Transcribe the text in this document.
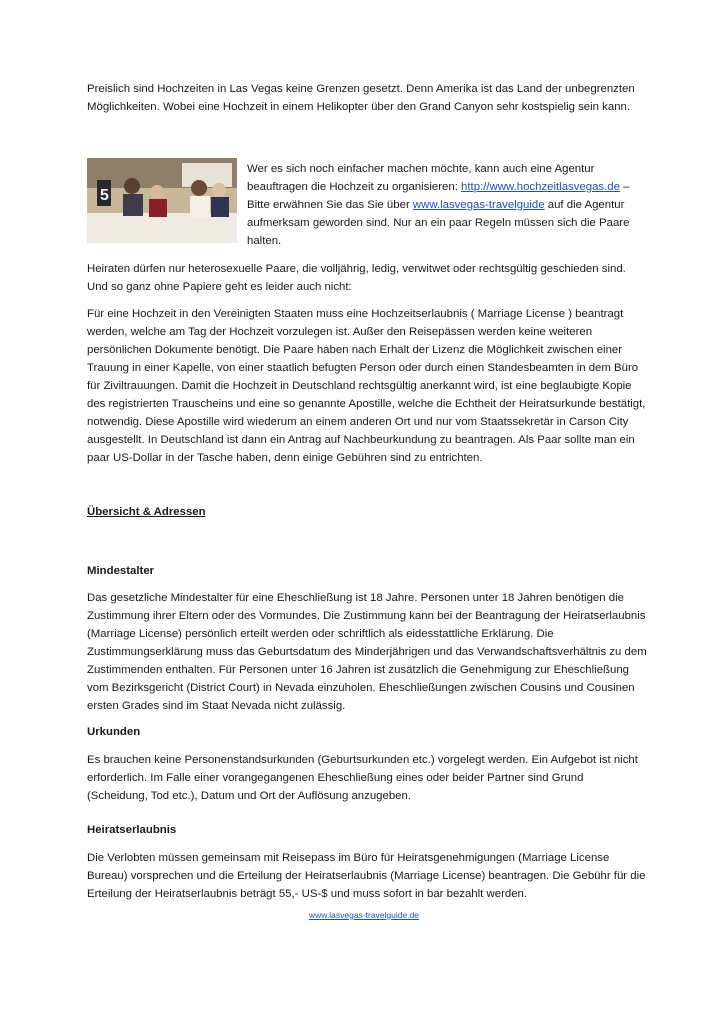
Preislich sind Hochzeiten in Las Vegas keine Grenzen gesetzt. Denn Amerika ist das Land der unbegrenzten Möglichkeiten. Wobei eine Hochzeit in einem Helikopter über den Grand Canyon sehr kostspielig sein kann.

5

Wer es sich noch einfacher machen möchte, kann auch eine Agentur beauftragen die Hochzeit zu organisieren: http://www.hochzeitlasvegas.de – Bitte erwähnen Sie das Sie über www.lasvegas-travelguide auf die Agentur aufmerksam geworden sind. Nur an ein paar Regeln müssen sich die Paare halten.

Heiraten dürfen nur heterosexuelle Paare, die volljährig, ledig, verwitwet oder rechtsgültig geschieden sind. Und so ganz ohne Papiere geht es leider auch nicht:

Für eine Hochzeit in den Vereinigten Staaten muss eine Hochzeitserlaubnis ( Marriage License ) beantragt werden, welche am Tag der Hochzeit vorzulegen ist. Außer den Reisepässen werden keine weiteren persönlichen Dokumente benötigt. Die Paare haben nach Erhalt der Lizenz die Möglichkeit zwischen einer Trauung in einer Kapelle, von einer staatlich befugten Person oder durch einen Standesbeamten in dem Büro für Ziviltrauungen. Damit die Hochzeit in Deutschland rechtsgültig anerkannt wird, ist eine beglaubigte Kopie des registrierten Trauscheins und eine so genannte Apostille, welche die Echtheit der Heiratsurkunde bestätigt, notwendig. Diese Apostille wird wiederum an einem anderen Ort und nur vom Staatssekretär in Carson City ausgestellt. In Deutschland ist dann ein Antrag auf Nachbeurkundung zu beantragen. Als Paar sollte man ein paar US-Dollar in der Tasche haben, denn einige Gebühren sind zu entrichten.

Übersicht & Adressen

Mindestalter

Das gesetzliche Mindestalter für eine Eheschließung ist 18 Jahre. Personen unter 18 Jahren benötigen die Zustimmung ihrer Eltern oder des Vormundes. Die Zustimmung kann bei der Beantragung der Heiratserlaubnis (Marriage License) persönlich erteilt werden oder schriftlich als eidesstattliche Erklärung. Die Zustimmungserklärung muss das Geburtsdatum des Minderjährigen und das Verwandschaftsverhältnis zu dem Zustimmenden enthalten. Für Personen unter 16 Jahren ist zusätzlich die Genehmigung zur Eheschließung vom Bezirksgericht (District Court) in Nevada einzuholen. Eheschließungen zwischen Cousins und Cousinen ersten Grades sind im Staat Nevada nicht zulässig.

Urkunden

Es brauchen keine Personenstandsurkunden (Geburtsurkunden etc.) vorgelegt werden. Ein Aufgebot ist nicht erforderlich. Im Falle einer vorangegangenen Eheschließung eines oder beider Partner sind Grund (Scheidung, Tod etc.), Datum und Ort der Auflösung anzugeben.

Heiratserlaubnis

Die Verlobten müssen gemeinsam mit Reisepass im Büro für Heiratsgenehmigungen (Marriage License Bureau) vorsprechen und die Erteilung der Heiratserlaubnis (Marriage License) beantragen. Die Gebühr für die Erteilung der Heiratserlaubnis beträgt 55,- US-$ und muss sofort in bar bezahlt werden.

www.lasvegas-travelguide.de
